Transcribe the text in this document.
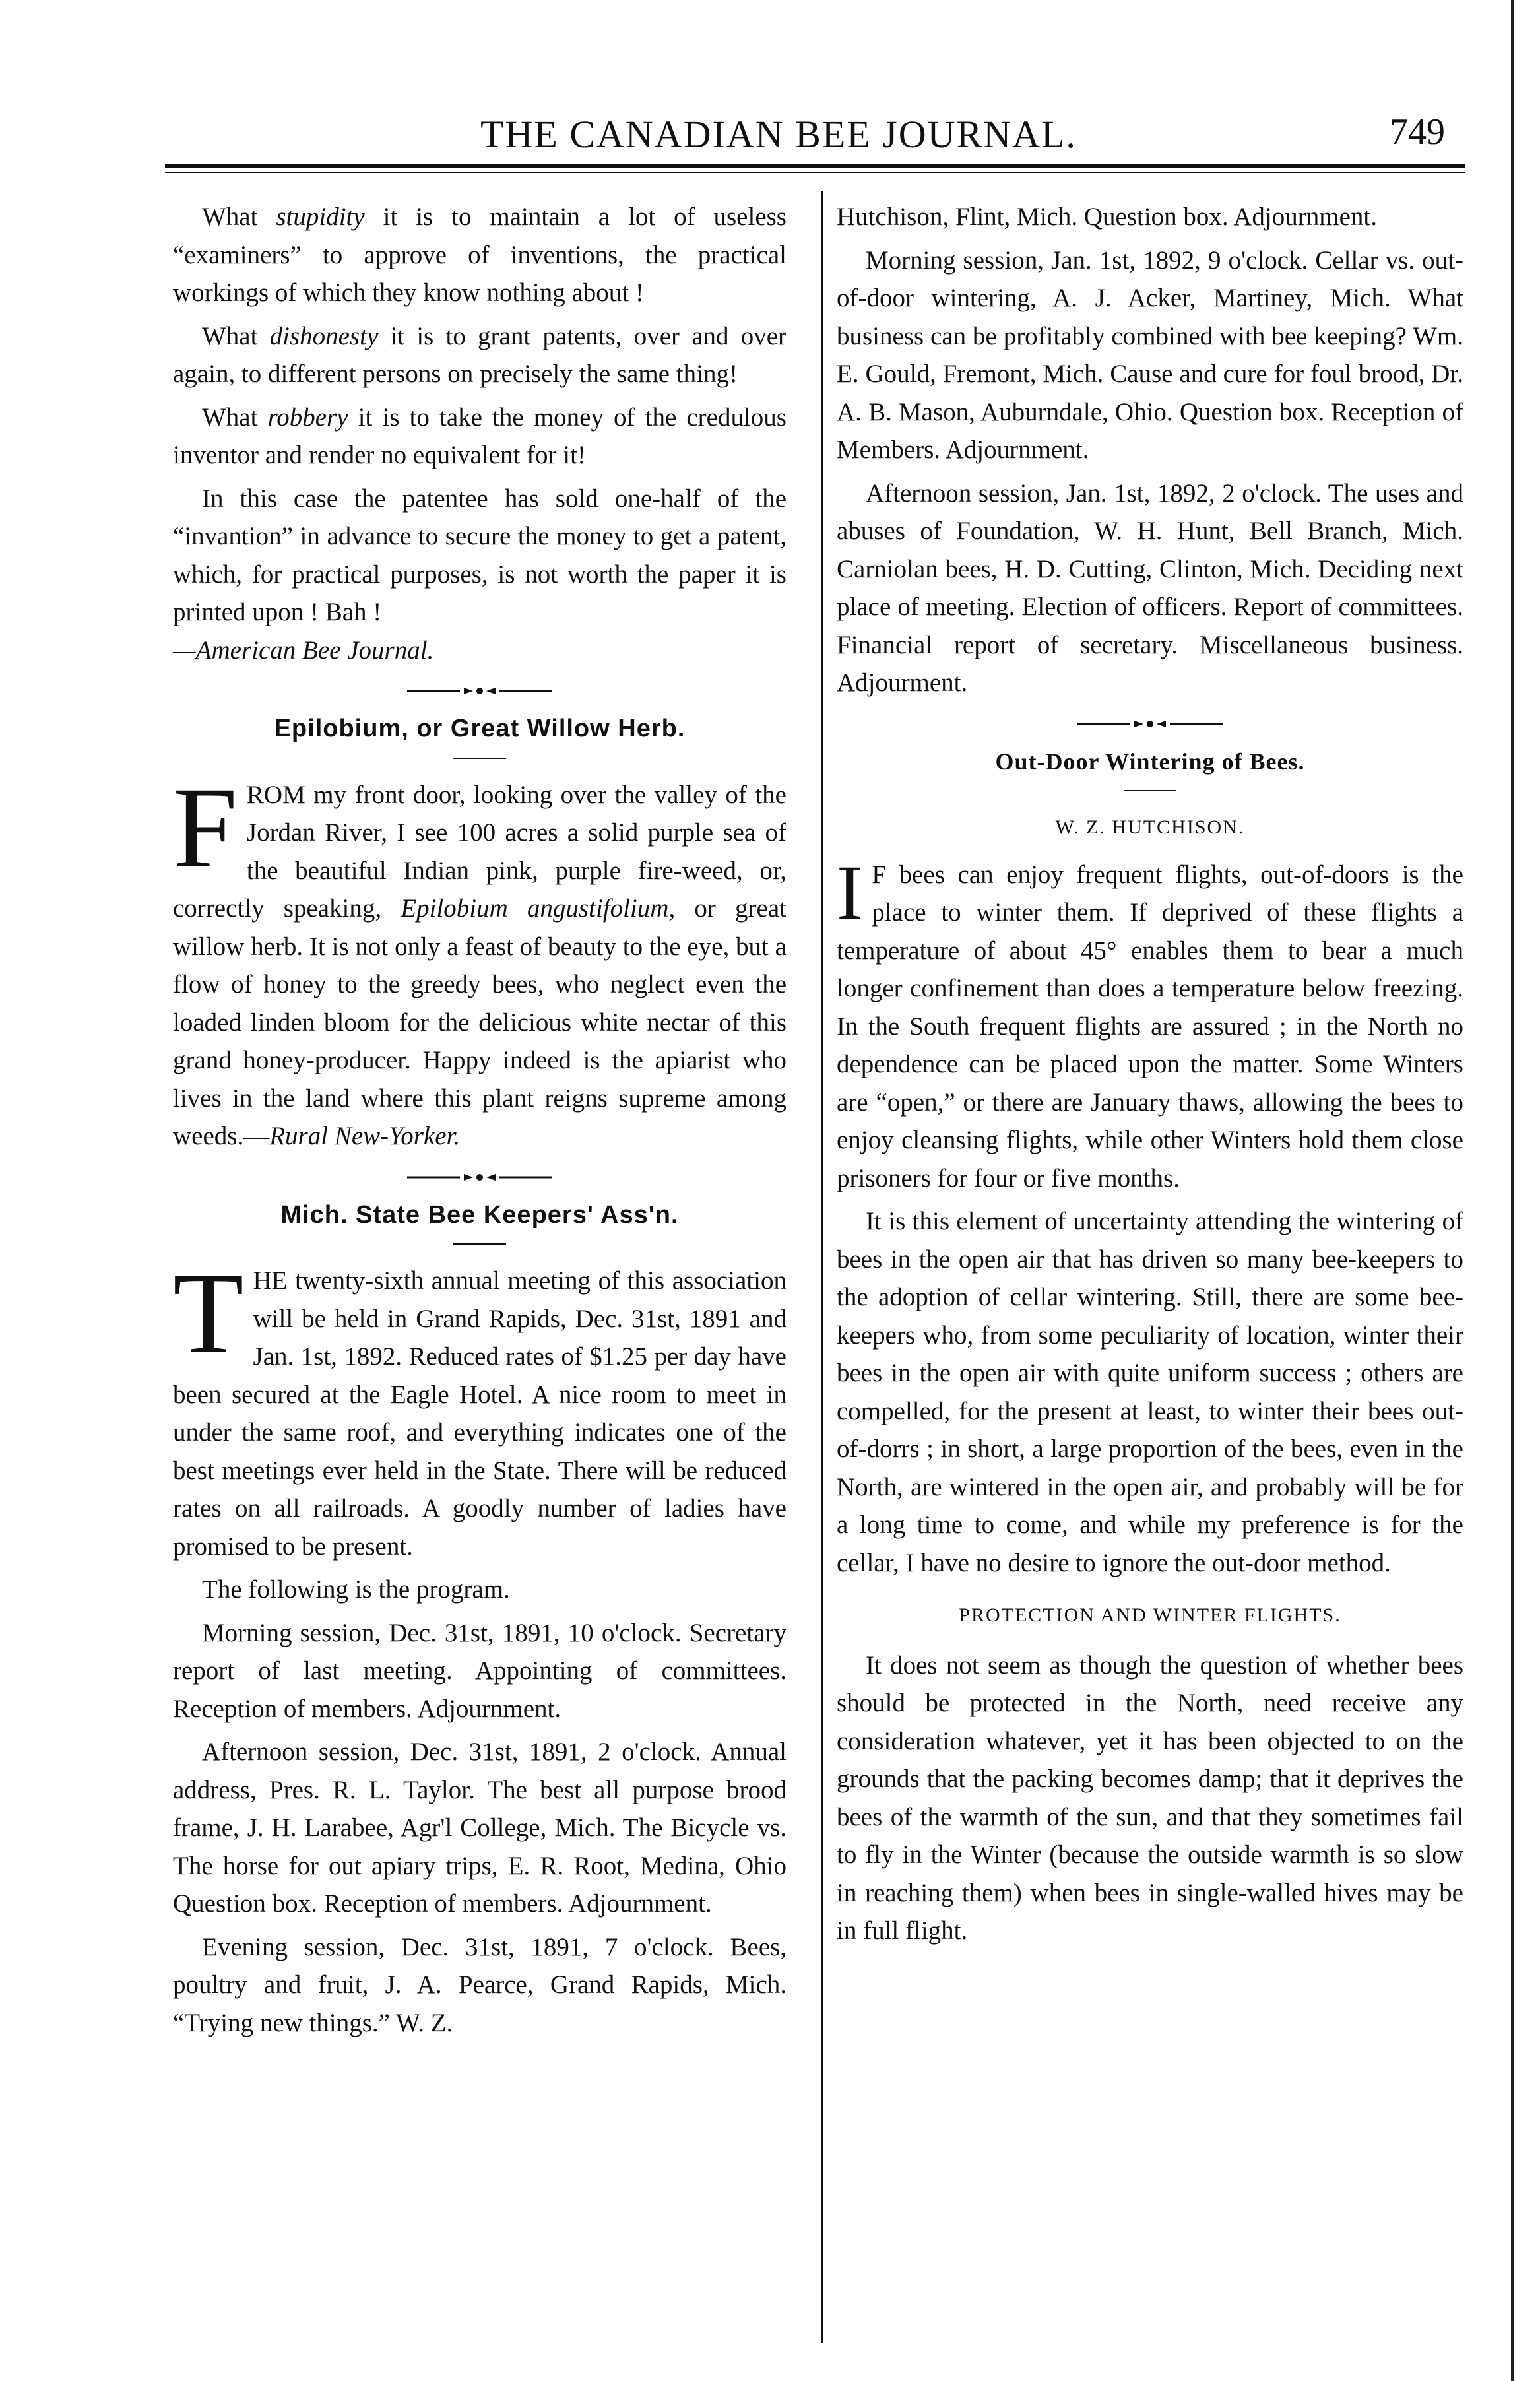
THE CANADIAN BEE JOURNAL.	749

What stupidity it is to maintain a lot of useless “examiners” to approve of inventions, the practical workings of which they know nothing about !

What dishonesty it is to grant patents, over and over again, to different persons on precisely the same thing!

What robbery it is to take the money of the credulous inventor and render no equivalent for it!

In this case the patentee has sold one-half of the “invantion” in advance to secure the money to get a patent, which, for practical purposes, is not worth the paper it is printed upon ! Bah !
—American Bee Journal.

Epilobium, or Great Willow Herb.

FROM my front door, looking over the valley of the Jordan River, I see 100 acres a solid purple sea of the beautiful Indian pink, purple fire-weed, or, correctly speaking, Epilobium angustifolium, or great willow herb. It is not only a feast of beauty to the eye, but a flow of honey to the greedy bees, who neglect even the loaded linden bloom for the delicious white nectar of this grand honey-producer. Happy indeed is the apiarist who lives in the land where this plant reigns supreme among weeds.—Rural New-Yorker.

Mich. State Bee Keepers' Ass'n.

THE twenty-sixth annual meeting of this association will be held in Grand Rapids, Dec. 31st, 1891 and Jan. 1st, 1892. Reduced rates of $1.25 per day have been secured at the Eagle Hotel. A nice room to meet in under the same roof, and everything indicates one of the best meetings ever held in the State. There will be reduced rates on all railroads. A goodly number of ladies have promised to be present.

The following is the program.

Morning session, Dec. 31st, 1891, 10 o'clock. Secretary report of last meeting. Appointing of committees. Reception of members. Adjournment.

Afternoon session, Dec. 31st, 1891, 2 o'clock. Annual address, Pres. R. L. Taylor. The best all purpose brood frame, J. H. Larabee, Agr'l College, Mich. The Bicycle vs. The horse for out apiary trips, E. R. Root, Medina, Ohio Question box. Reception of members. Adjournment.

Evening session, Dec. 31st, 1891, 7 o'clock. Bees, poultry and fruit, J. A. Pearce, Grand Rapids, Mich. “Trying new things.” W. Z.

Hutchison, Flint, Mich. Question box. Adjournment.

Morning session, Jan. 1st, 1892, 9 o'clock. Cellar vs. out-of-door wintering, A. J. Acker, Martiney, Mich. What business can be profitably combined with bee keeping? Wm. E. Gould, Fremont, Mich. Cause and cure for foul brood, Dr. A. B. Mason, Auburndale, Ohio. Question box. Reception of Members. Adjournment.

Afternoon session, Jan. 1st, 1892, 2 o'clock. The uses and abuses of Foundation, W. H. Hunt, Bell Branch, Mich. Carniolan bees, H. D. Cutting, Clinton, Mich. Deciding next place of meeting. Election of officers. Report of committees. Financial report of secretary. Miscellaneous business. Adjourment.

Out-Door Wintering of Bees.
W. Z. HUTCHISON.

I F bees can enjoy frequent flights, out-of-doors is the place to winter them. If deprived of these flights a temperature of about 45° enables them to bear a much longer confinement than does a temperature below freezing. In the South frequent flights are assured ; in the North no dependence can be placed upon the matter. Some Winters are “open,” or there are January thaws, allowing the bees to enjoy cleansing flights, while other Winters hold them close prisoners for four or five months.

It is this element of uncertainty attending the wintering of bees in the open air that has driven so many bee-keepers to the adoption of cellar wintering. Still, there are some bee-keepers who, from some peculiarity of location, winter their bees in the open air with quite uniform success ; others are compelled, for the present at least, to winter their bees out-of-dorrs ; in short, a large proportion of the bees, even in the North, are wintered in the open air, and probably will be for a long time to come, and while my preference is for the cellar, I have no desire to ignore the out-door method.

PROTECTION AND WINTER FLIGHTS.

It does not seem as though the question of whether bees should be protected in the North, need receive any consideration whatever, yet it has been objected to on the grounds that the packing becomes damp; that it deprives the bees of the warmth of the sun, and that they sometimes fail to fly in the Winter (because the outside warmth is so slow in reaching them) when bees in single-walled hives may be in full flight.
